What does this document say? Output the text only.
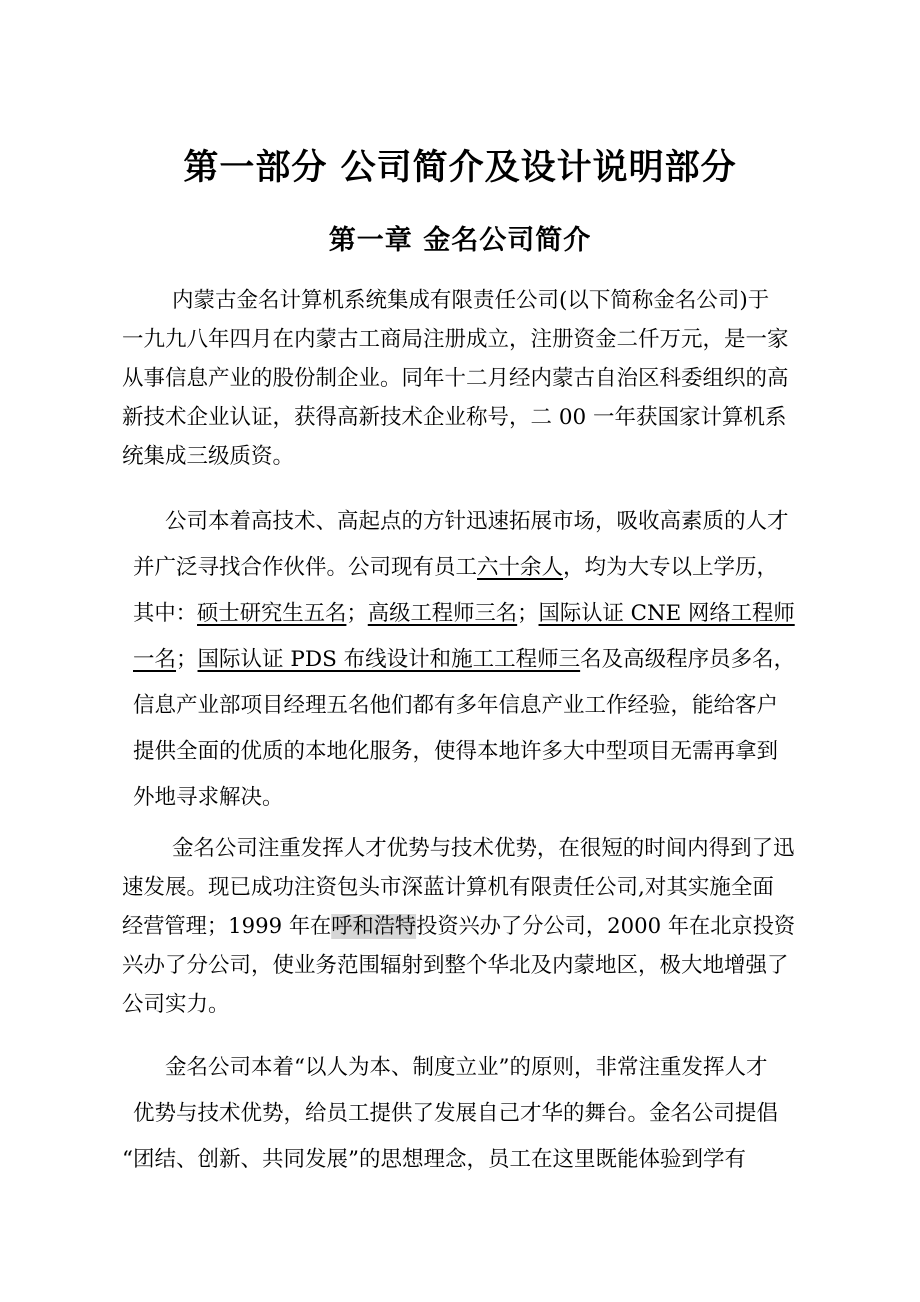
第一部分 公司简介及设计说明部分
第一章 金名公司简介
内蒙古金名计算机系统集成有限责任公司(以下简称金名公司)于
一九九八年四月在内蒙古工商局注册成立，注册资金二仟万元，是一家
从事信息产业的股份制企业。同年十二月经内蒙古自治区科委组织的高
新技术企业认证，获得高新技术企业称号，二 00 一年获国家计算机系
统集成三级质资。
公司本着高技术、高起点的方针迅速拓展市场，吸收高素质的人才
并广泛寻找合作伙伴。公司现有员工六十余人，均为大专以上学历，
其中：硕士研究生五名；高级工程师三名；国际认证 CNE 网络工程师
一名；国际认证 PDS 布线设计和施工工程师三名及高级程序员多名，
信息产业部项目经理五名他们都有多年信息产业工作经验，能给客户
提供全面的优质的本地化服务，使得本地许多大中型项目无需再拿到
外地寻求解决。
金名公司注重发挥人才优势与技术优势，在很短的时间内得到了迅
速发展。现已成功注资包头市深蓝计算机有限责任公司,对其实施全面
经营管理；1999 年在呼和浩特投资兴办了分公司，2000 年在北京投资
兴办了分公司，使业务范围辐射到整个华北及内蒙地区，极大地增强了
公司实力。
金名公司本着“以人为本、制度立业”的原则，非常注重发挥人才
优势与技术优势，给员工提供了发展自己才华的舞台。金名公司提倡
“团结、创新、共同发展”的思想理念，员工在这里既能体验到学有
